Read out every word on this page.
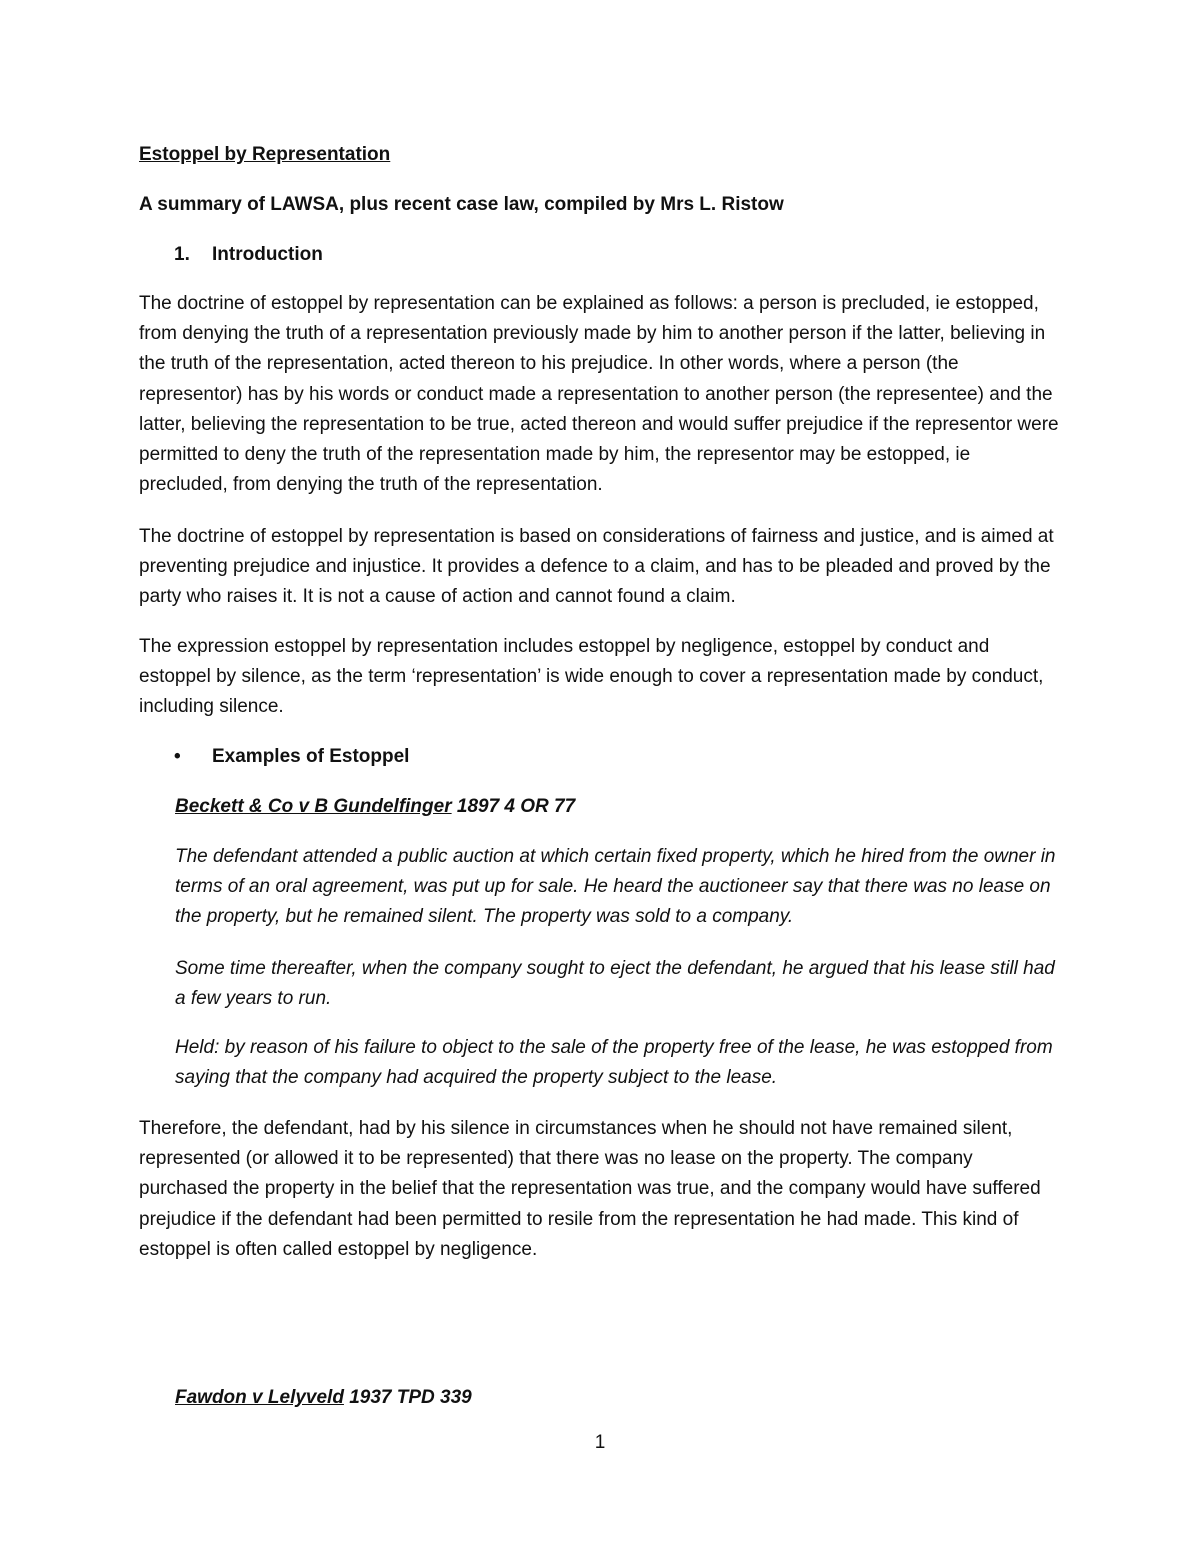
Estoppel by Representation

A summary of LAWSA, plus recent case law, compiled by Mrs L. Ristow

1. Introduction

The doctrine of estoppel by representation can be explained as follows: a person is precluded, ie estopped, from denying the truth of a representation previously made by him to another person if the latter, believing in the truth of the representation, acted thereon to his prejudice. In other words, where a person (the representor) has by his words or conduct made a representation to another person (the representee) and the latter, believing the representation to be true, acted thereon and would suffer prejudice if the representor were permitted to deny the truth of the representation made by him, the representor may be estopped, ie precluded, from denying the truth of the representation.

The doctrine of estoppel by representation is based on considerations of fairness and justice, and is aimed at preventing prejudice and injustice. It provides a defence to a claim, and has to be pleaded and proved by the party who raises it. It is not a cause of action and cannot found a claim.

The expression estoppel by representation includes estoppel by negligence, estoppel by conduct and estoppel by silence, as the term ‘representation’ is wide enough to cover a representation made by conduct, including silence.

• Examples of Estoppel

Beckett & Co v B Gundelfinger 1897 4 OR 77

The defendant attended a public auction at which certain fixed property, which he hired from the owner in terms of an oral agreement, was put up for sale. He heard the auctioneer say that there was no lease on the property, but he remained silent. The property was sold to a company.

Some time thereafter, when the company sought to eject the defendant, he argued that his lease still had a few years to run.

Held: by reason of his failure to object to the sale of the property free of the lease, he was estopped from saying that the company had acquired the property subject to the lease.

Therefore, the defendant, had by his silence in circumstances when he should not have remained silent, represented (or allowed it to be represented) that there was no lease on the property. The company purchased the property in the belief that the representation was true, and the company would have suffered prejudice if the defendant had been permitted to resile from the representation he had made. This kind of estoppel is often called estoppel by negligence.

Fawdon v Lelyveld 1937 TPD 339

1
